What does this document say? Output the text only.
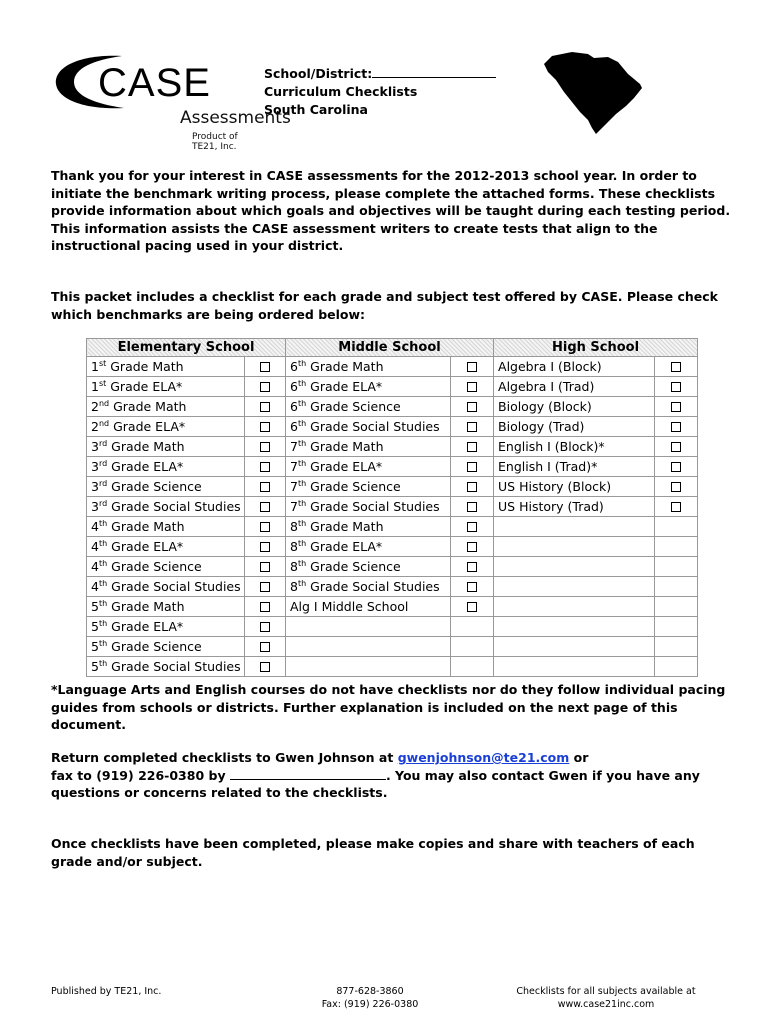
CASE
Assessments
Product of TE21, Inc.
School/District:
Curriculum Checklists
South Carolina
Thank you for your interest in CASE assessments for the 2012-2013 school year. In order to initiate the benchmark writing process, please complete the attached forms. These checklists provide information about which goals and objectives will be taught during each testing period. This information assists the CASE assessment writers to create tests that align to the instructional pacing used in your district.
This packet includes a checklist for each grade and subject test offered by CASE. Please check which benchmarks are being ordered below:
Elementary School		Middle School		High School	
1st Grade Math		6th Grade Math		Algebra I (Block)	
1st Grade ELA*		6th Grade ELA*		Algebra I (Trad)	
2nd Grade Math		6th Grade Science		Biology (Block)	
2nd Grade ELA*		6th Grade Social Studies		Biology (Trad)	
3rd Grade Math		7th Grade Math		English I (Block)*	
3rd Grade ELA*		7th Grade ELA*		English I (Trad)*	
3rd Grade Science		7th Grade Science		US History (Block)	
3rd Grade Social Studies		7th Grade Social Studies		US History (Trad)	
4th Grade Math		8th Grade Math			
4th Grade ELA*		8th Grade ELA*			
4th Grade Science		8th Grade Science			
4th Grade Social Studies		8th Grade Social Studies			
5th Grade Math		Alg I Middle School			
5th Grade ELA*					
5th Grade Science					
5th Grade Social Studies					
*Language Arts and English courses do not have checklists nor do they follow individual pacing guides from schools or districts. Further explanation is included on the next page of this document.
Return completed checklists to Gwen Johnson at gwenjohnson@te21.com or
fax to (919) 226-0380 by	. You may also contact Gwen if you have any questions or concerns related to the checklists.
Once checklists have been completed, please make copies and share with teachers of each grade and/or subject.
Published by TE21, Inc.	877-628-3860
Fax: (919) 226-0380
Checklists for all subjects available at
www.case21inc.com
